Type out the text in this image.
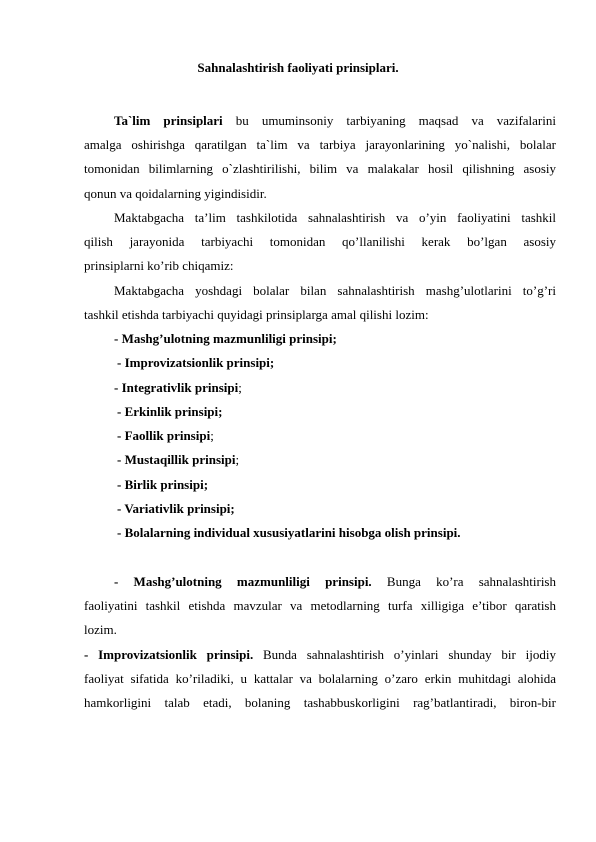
Sahnalashtirish faoliyati prinsiplari.
Ta`lim prinsiplari bu umuminsoniy tarbiyaning maqsad va vazifalarini
amalga oshirishga qaratilgan ta`lim va tarbiya jarayonlarining yo`nalishi, bolalar
tomonidan bilimlarning o`zlashtirilishi, bilim va malakalar hosil qilishning asosiy
qonun va qoidalarning yigindisidir.
Maktabgacha ta’lim tashkilotida sahnalashtirish va o’yin faoliyatini tashkil
qilish jarayonida tarbiyachi tomonidan qo’llanilishi kerak bo’lgan asosiy
prinsiplarni ko’rib chiqamiz:
Maktabgacha yoshdagi bolalar bilan sahnalashtirish mashg’ulotlarini to’g’ri
tashkil etishda tarbiyachi quyidagi prinsiplarga amal qilishi lozim:
- Mashg’ulotning mazmunliligi prinsipi;
- Improvizatsionlik prinsipi;
- Integrativlik prinsipi;
- Erkinlik prinsipi;
- Faollik prinsipi;
- Mustaqillik prinsipi;
- Birlik prinsipi;
- Variativlik prinsipi;
- Bolalarning individual xususiyatlarini hisobga olish prinsipi.
- Mashg’ulotning mazmunliligi prinsipi. Bunga ko’ra sahnalashtirish
faoliyatini tashkil etishda mavzular va metodlarning turfa xilligiga e’tibor qaratish
lozim.
- Improvizatsionlik prinsipi. Bunda sahnalashtirish o’yinlari shunday bir ijodiy
faoliyat sifatida ko’riladiki, u kattalar va bolalarning o’zaro erkin muhitdagi alohida
hamkorligini talab etadi, bolaning tashabbuskorligini rag’batlantiradi, biron-bir
